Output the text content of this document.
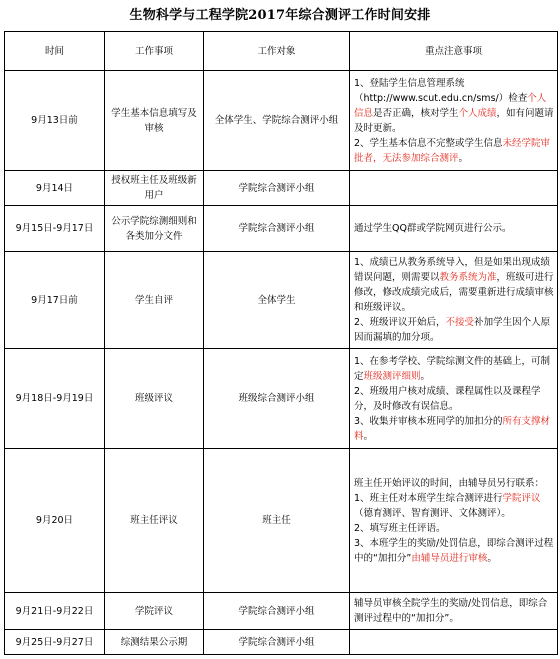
生物科学与工程学院2017年综合测评工作时间安排
时间	工作事项	工作对象	重点注意事项
9月13日前	学生基本信息填写及审核	全体学生、学院综合测评小组	1、登陆学生信息管理系统（http://www.scut.edu.cn/sms/）检查个人信息是否正确，核对学生个人成绩，如有问题请及时更新。
2、学生基本信息不完整或学生信息未经学院审批者，无法参加综合测评。

9月14日	授权班主任及班级新用户	学院综合测评小组	
9月15日-9月17日	公示学院综测细则和各类加分文件	学院综合测评小组	通过学生QQ群或学院网页进行公示。
9月17日前	学生自评	全体学生	1、成绩已从教务系统导入，但是如果出现成绩错误问题，则需要以教务系统为准，班级可进行修改，修改成绩完成后，需要重新进行成绩审核和班级评议。
2、班级评议开始后，不接受补加学生因个人原因而漏填的加分项。

9月18日-9月19日	班级评议	班级综合测评小组	1、在参考学校、学院综测文件的基础上，可制定班级测评细则。
2、班级用户核对成绩、课程属性以及课程学分，及时修改有误信息。
3、收集并审核本班同学的加扣分的所有支撑材料。

9月20日	班主任评议	班主任	班主任开始评议的时间，由辅导员另行联系：
1、班主任对本班学生综合测评进行学院评议（德育测评、智育测评、文体测评）。
2、填写班主任评语。
3、本班学生的奖励/处罚信息，即综合测评过程中的“加扣分”由辅导员进行审核。

9月21日-9月22日	学院评议	学院综合测评小组	辅导员审核全院学生的奖励/处罚信息，即综合测评过程中的“加扣分”。
9月25日-9月27日	综测结果公示期	学院综合测评小组	
